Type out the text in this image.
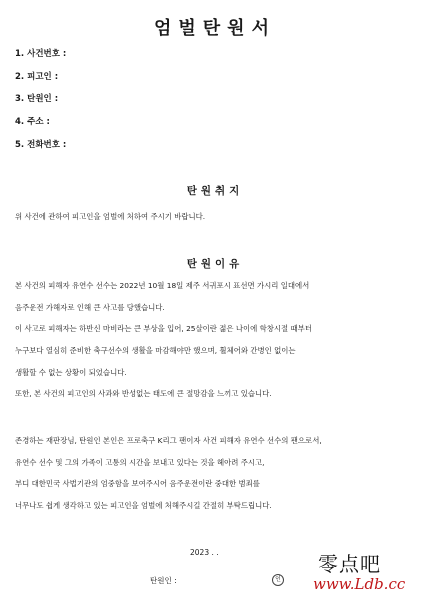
엄벌탄원서
1. 사건번호 :
2. 피고인 :
3. 탄원인 :
4. 주소 :
5. 전화번호 :
탄원취지
위 사건에 관하여 피고인을 엄벌에 처하여 주시기 바랍니다.
탄원이유
본 사건의 피해자 유연수 선수는 2022년 10월 18일 제주 서귀포시 표선면 가시리 일대에서
음주운전 가해자로 인해 큰 사고를 당했습니다.
이 사고로 피해자는 하반신 마비라는 큰 부상을 입어, 25살이란 젊은 나이에 학창시절 때부터
누구보다 열심히 준비한 축구선수의 생활을 마감해야만 했으며, 휠체어와 간병인 없이는
생활할 수 없는 상황이 되었습니다.
또한, 본 사건의 피고인의 사과와 반성없는 태도에 큰 절망감을 느끼고 있습니다.
존경하는 재판장님, 탄원인 본인은 프로축구 K리그 팬이자 사건 피해자 유연수 선수의 팬으로서,
유연수 선수 및 그의 가족이 고통의 시간을 보내고 있다는 것을 헤아려 주시고,
부디 대한민국 사법기관의 엄중함을 보여주시어 음주운전이란 중대한 범죄를
너무나도 쉽게 생각하고 있는 피고인을 엄벌에 처해주시길 간절히 부탁드립니다.
2023 . .
탄원인 :	인
零点吧
www.Ldb.cc
